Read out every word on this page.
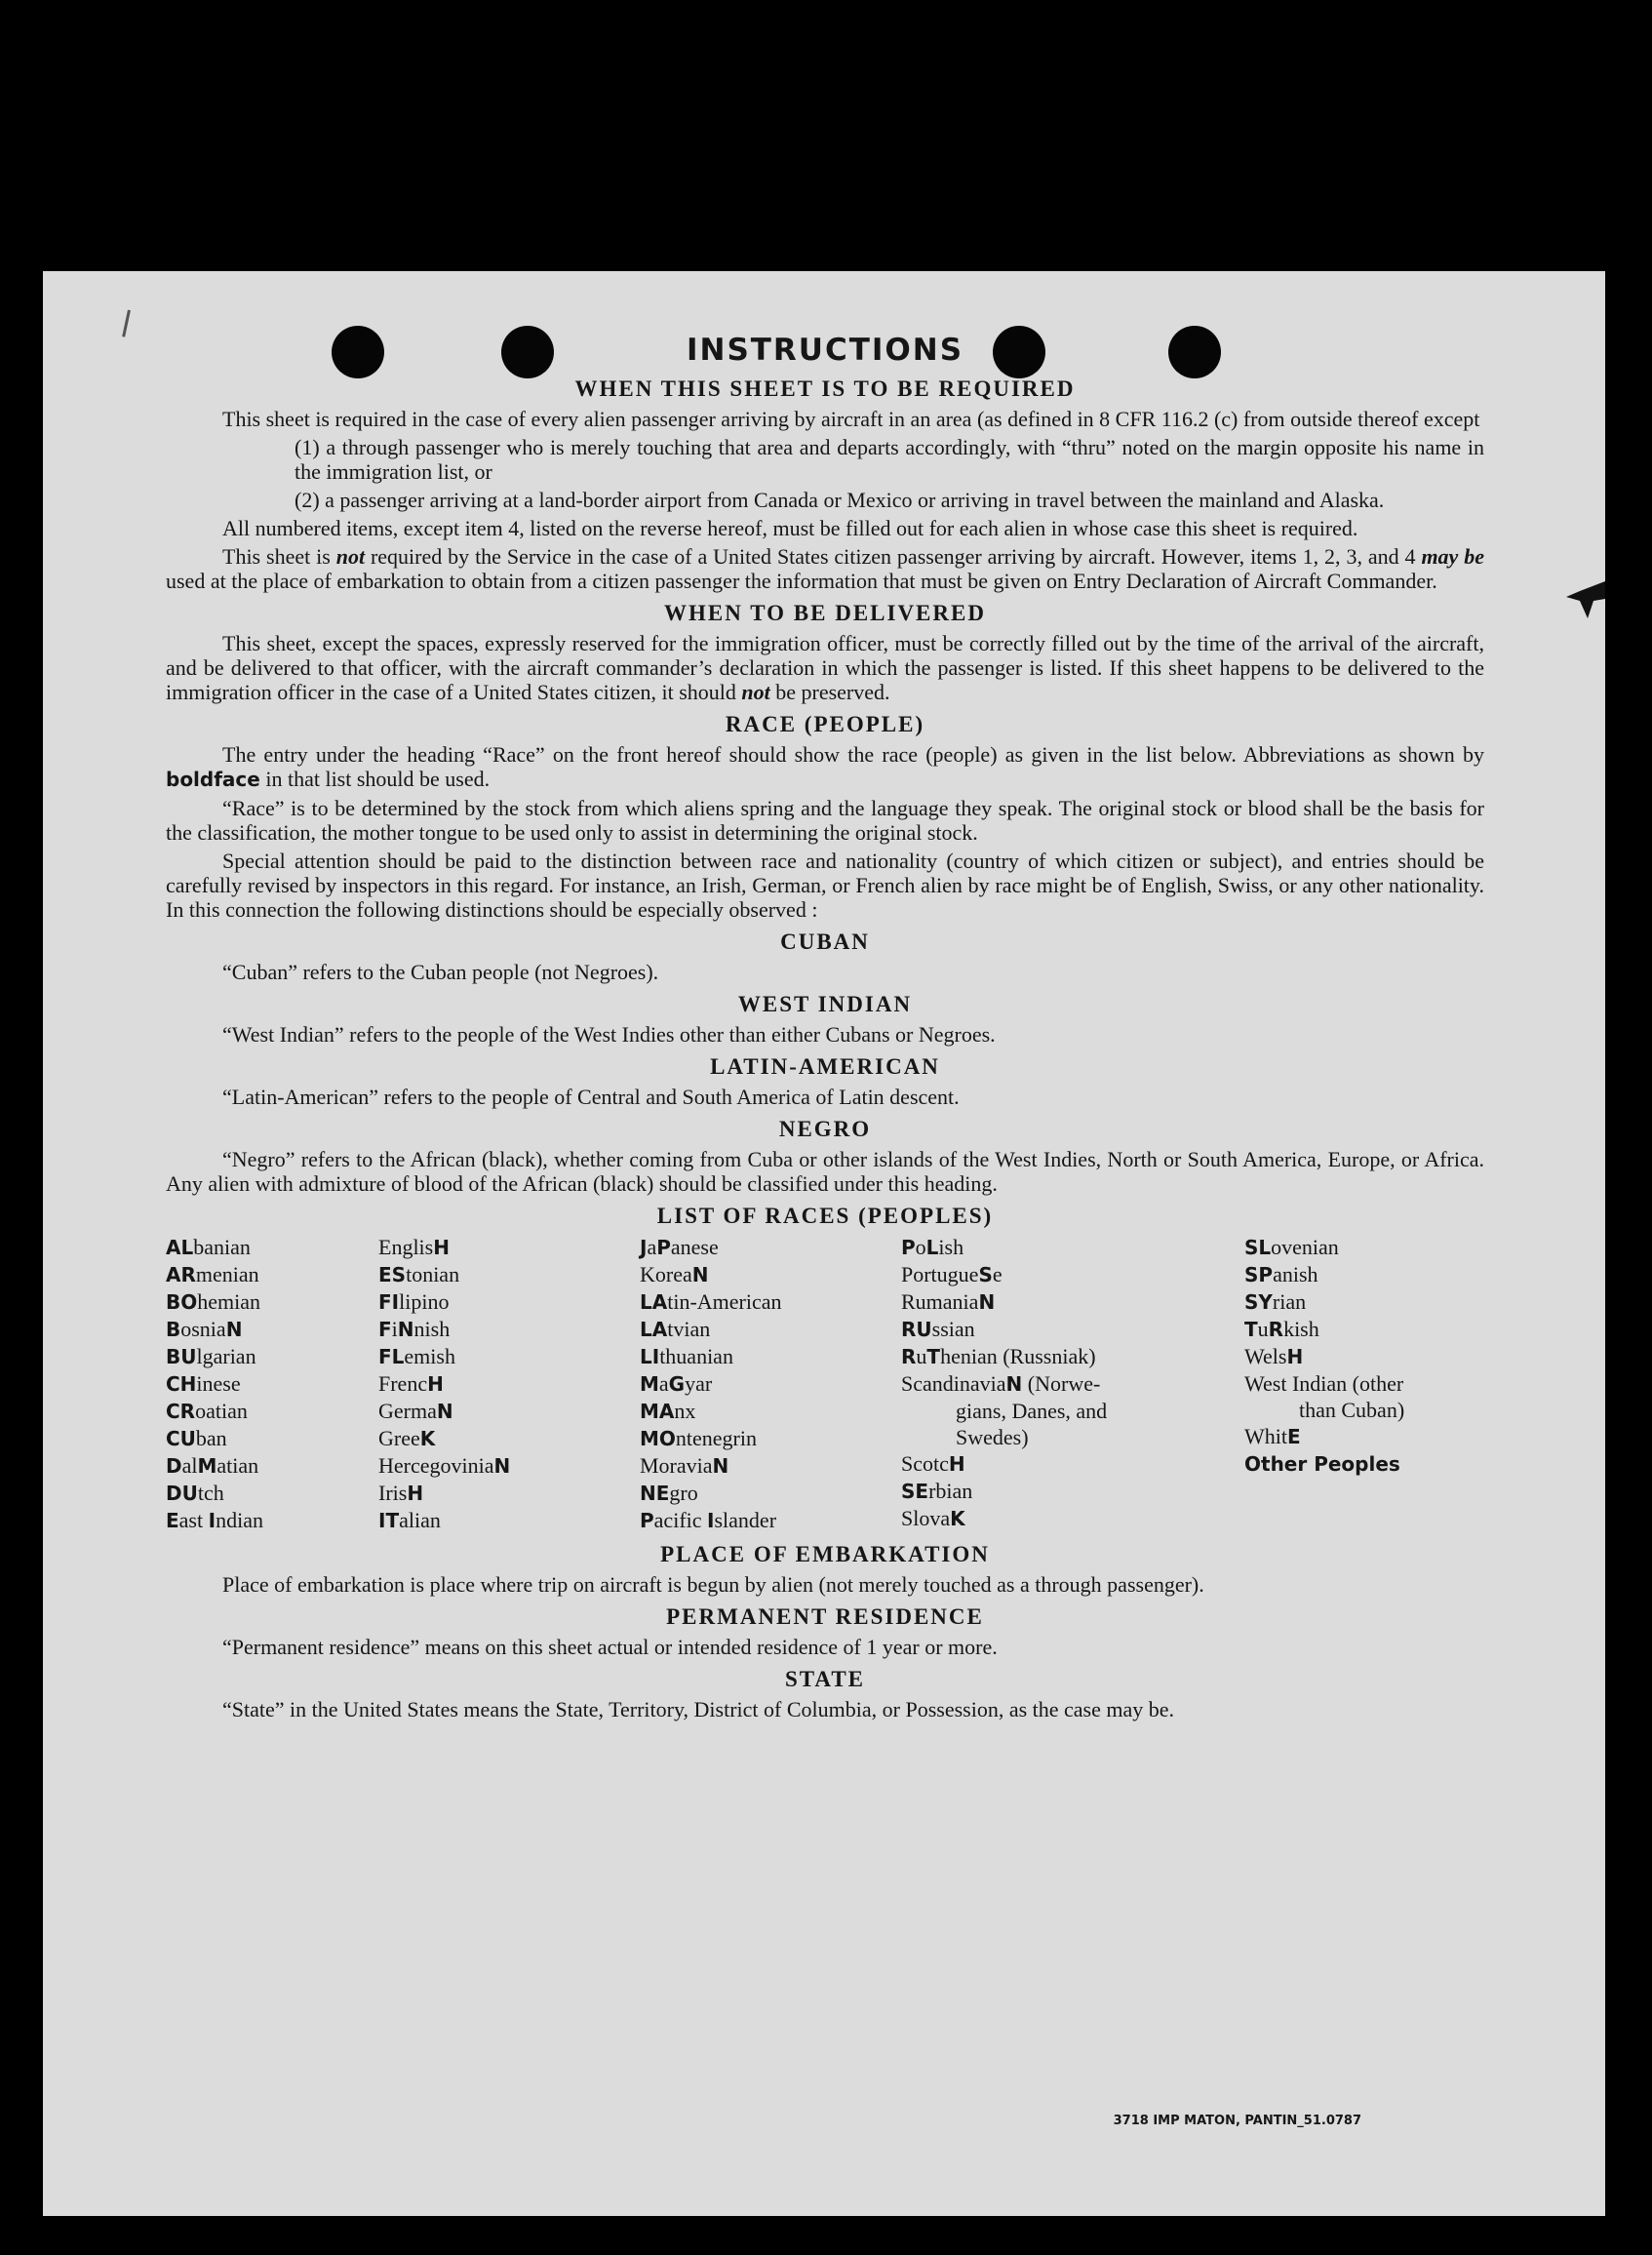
INSTRUCTIONS
WHEN THIS SHEET IS TO BE REQUIRED

This sheet is required in the case of every alien passenger arriving by aircraft in an area (as defined in 8 CFR 116.2 (c) from outside thereof except

(1) a through passenger who is merely touching that area and departs accordingly, with “thru” noted on the margin opposite his name in the immigration list, or

(2) a passenger arriving at a land-border airport from Canada or Mexico or arriving in travel between the mainland and Alaska.

All numbered items, except item 4, listed on the reverse hereof, must be filled out for each alien in whose case this sheet is required.

This sheet is not required by the Service in the case of a United States citizen passenger arriving by aircraft. However, items 1, 2, 3, and 4 may be used at the place of embarkation to obtain from a citizen passenger the information that must be given on Entry Declaration of Aircraft Commander.

WHEN TO BE DELIVERED

This sheet, except the spaces, expressly reserved for the immigration officer, must be correctly filled out by the time of the arrival of the aircraft, and be delivered to that officer, with the aircraft commander’s declaration in which the passenger is listed. If this sheet happens to be delivered to the immigration officer in the case of a United States citizen, it should not be preserved.

RACE (PEOPLE)

The entry under the heading “Race” on the front hereof should show the race (people) as given in the list below. Abbreviations as shown by boldface in that list should be used.

“Race” is to be determined by the stock from which aliens spring and the language they speak. The original stock or blood shall be the basis for the classification, the mother tongue to be used only to assist in determining the original stock.

Special attention should be paid to the distinction between race and nationality (country of which citizen or subject), and entries should be carefully revised by inspectors in this regard. For instance, an Irish, German, or French alien by race might be of English, Swiss, or any other nationality. In this connection the following distinctions should be especially observed :

CUBAN

“Cuban” refers to the Cuban people (not Negroes).

WEST INDIAN

“West Indian” refers to the people of the West Indies other than either Cubans or Negroes.

LATIN-AMERICAN

“Latin-American” refers to the people of Central and South America of Latin descent.

NEGRO

“Negro” refers to the African (black), whether coming from Cuba or other islands of the West Indies, North or South America, Europe, or Africa. Any alien with admixture of blood of the African (black) should be classified under this heading.

LIST OF RACES (PEOPLES)
ALbanian
ARmenian
BOhemian
BosniaN
BUlgarian
CHinese
CRoatian
CUban
DalMatian
DUtch
East Indian
EnglisH
EStonian
FIlipino
FiNnish
FLemish
FrencH
GermaN
GreeK
HercegoviniaN
IrisH
ITalian
JaPanese
KoreaN
LAtin-American
LAtvian
LIthuanian
MaGyar
MAnx
MOntenegrin
MoraviaN
NEgro
Pacific Islander
PoLish
PortugueSe
RumaniaN
RUssian
RuThenian (Russniak)
ScandinaviaN (Norwe-
gians, Danes, and
Swedes)
ScotcH
SErbian
SlovaK
SLovenian
SPanish
SYrian
TuRkish
WelsH
West Indian (other
than Cuban)
WhitE
Other Peoples
PLACE OF EMBARKATION

Place of embarkation is place where trip on aircraft is begun by alien (not merely touched as a through passenger).

PERMANENT RESIDENCE

“Permanent residence” means on this sheet actual or intended residence of 1 year or more.

STATE

“State” in the United States means the State, Territory, District of Columbia, or Possession, as the case may be.

3718 IMP MATON, PANTIN_51.0787
